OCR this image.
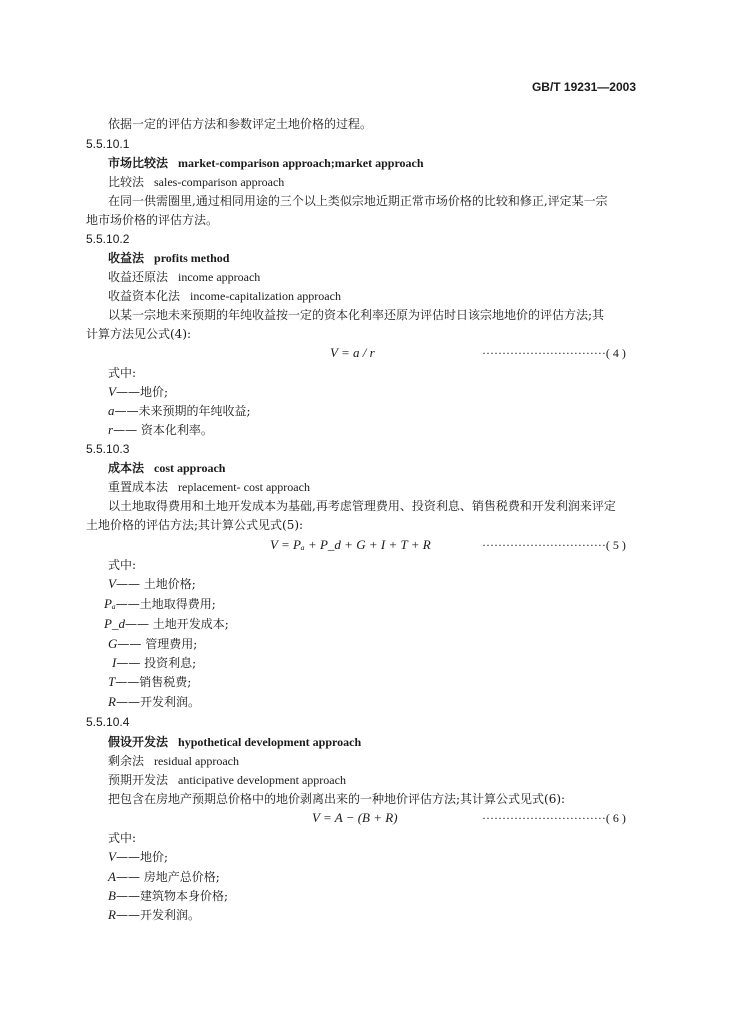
GB/T 19231—2003
依据一定的评估方法和参数评定土地价格的过程。
5.5.10.1
市场比较法 market-comparison approach;market approach
比较法 sales-comparison approach
在同一供需圈里,通过相同用途的三个以上类似宗地近期正常市场价格的比较和修正,评定某一宗
地市场价格的评估方法。
5.5.10.2
收益法 profits method
收益还原法 income approach
收益资本化法 income-capitalization approach
以某一宗地未来预期的年纯收益按一定的资本化利率还原为评估时日该宗地地价的评估方法;其
计算方法见公式(4):
V = a / r	·······························( 4 )
式中:
V——地价;
a——未来预期的年纯收益;
r—— 资本化利率。
5.5.10.3
成本法 cost approach
重置成本法 replacement- cost approach
以土地取得费用和土地开发成本为基础,再考虑管理费用、投资利息、销售税费和开发利润来评定
土地价格的评估方法;其计算公式见式(5):
V = Pₐ + P_d + G + I + T + R	·······························( 5 )
式中:
V—— 土地价格;
Pₐ——土地取得费用;
P_d—— 土地开发成本;
G—— 管理费用;
I—— 投资利息;
T——销售税费;
R——开发利润。
5.5.10.4
假设开发法 hypothetical development approach
剩余法 residual approach
预期开发法 anticipative development approach
把包含在房地产预期总价格中的地价剥离出来的一种地价评估方法;其计算公式见式(6):
V = A − (B + R)	·······························( 6 )
式中:
V——地价;
A—— 房地产总价格;
B——建筑物本身价格;
R——开发利润。
